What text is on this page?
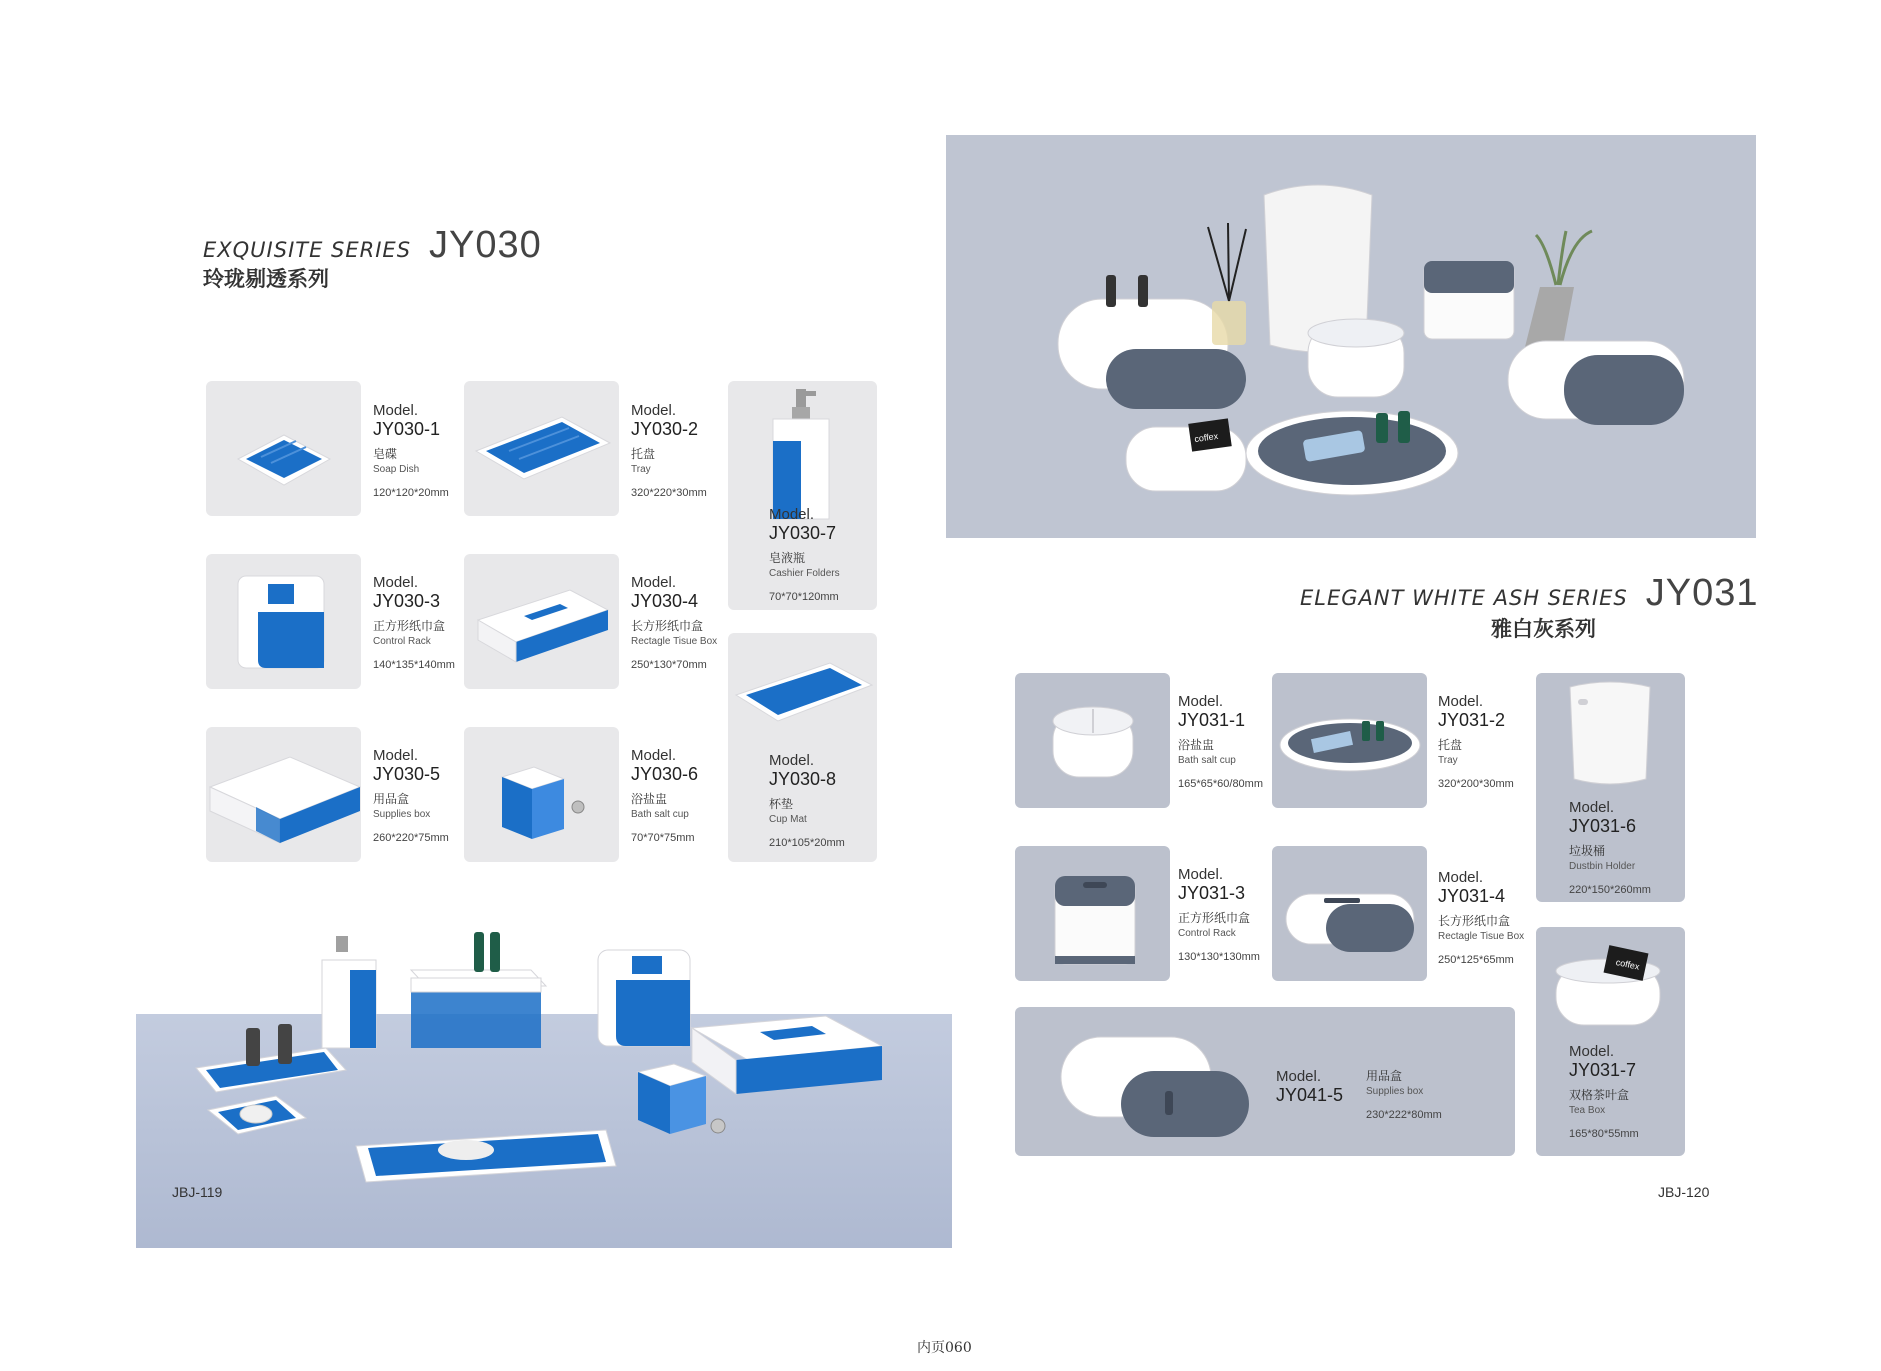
EXQUISITE SERIES JY030
玲珑剔透系列
Model.
JY030-1
皂碟
Soap Dish
120*120*20mm
Model.
JY030-2
托盘
Tray
320*220*30mm
Model.
JY030-7
皂液瓶
Cashier Folders
70*70*120mm
Model.
JY030-3
正方形纸巾盒
Control Rack
140*135*140mm
Model.
JY030-4
长方形纸巾盒
Rectagle Tisue Box
250*130*70mm
Model.
JY030-8
杯垫
Cup Mat
210*105*20mm
Model.
JY030-5
用品盒
Supplies box
260*220*75mm
Model.
JY030-6
浴盐盅
Bath salt cup
70*70*75mm
JBJ-119
coffex
ELEGANT WHITE ASH SERIES JY031
雅白灰系列
Model.
JY031-1
浴盐盅
Bath salt cup
165*65*60/80mm
Model.
JY031-2
托盘
Tray
320*200*30mm
Model.
JY031-6
垃圾桶
Dustbin Holder
220*150*260mm
Model.
JY031-3
正方形纸巾盒
Control Rack
130*130*130mm
Model.
JY031-4
长方形纸巾盒
Rectagle Tisue Box
250*125*65mm
Model.
JY041-5
用品盒
Supplies box
230*222*80mm
coffex
Model.
JY031-7
双格茶叶盒
Tea Box
165*80*55mm
JBJ-120
内页060
